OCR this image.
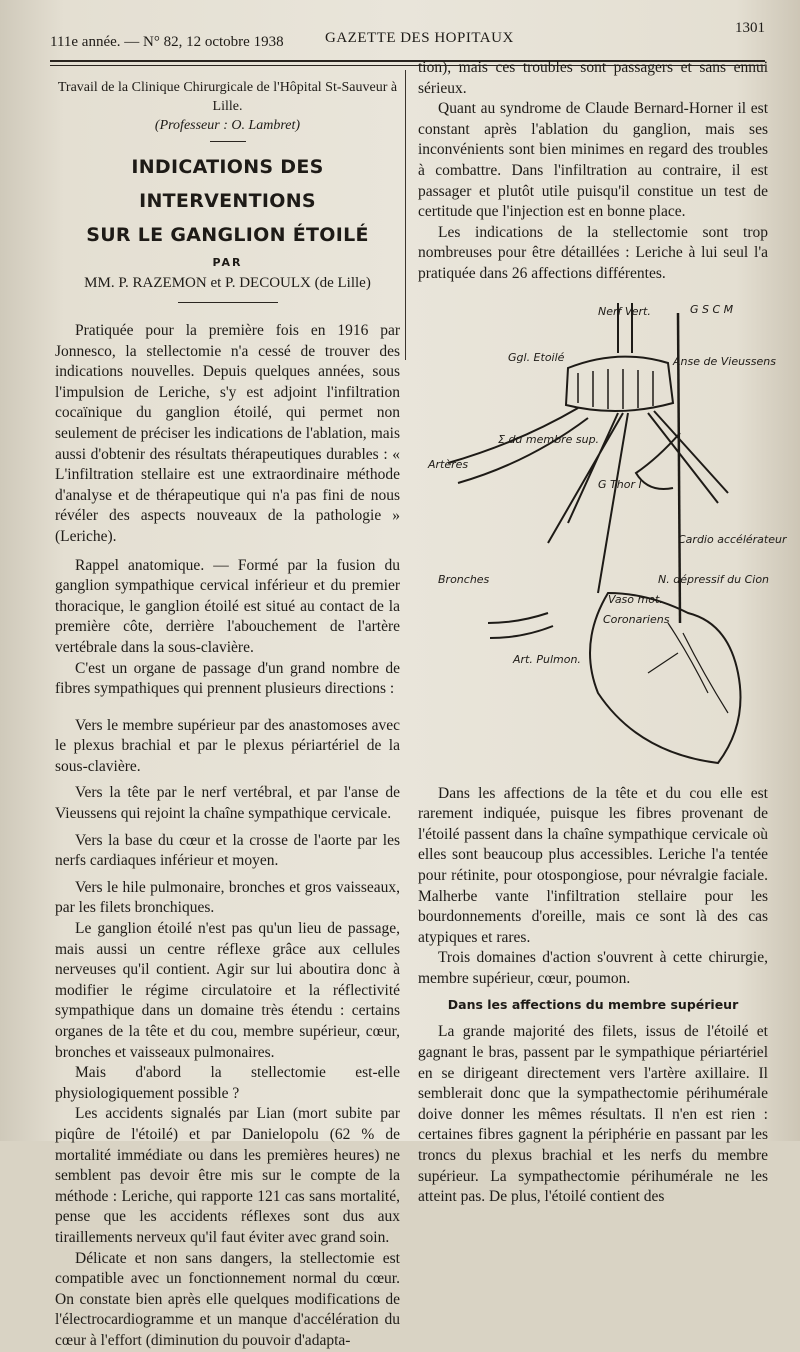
111e année. — N° 82, 12 octobre 1938	GAZETTE DES HOPITAUX
1301

Travail de la Clinique Chirurgicale de l'Hôpital St-Sauveur à Lille.

(Professeur : O. Lambret)

INDICATIONS DES INTERVENTIONS
SUR LE GANGLION ÉTOILÉ
PAR
MM. P. RAZEMON et P. DECOULX (de Lille)

Pratiquée pour la première fois en 1916 par Jonnesco, la stellectomie n'a cessé de trouver des indications nouvelles. Depuis quelques années, sous l'impulsion de Leriche, s'y est adjoint l'infiltration cocaïnique du ganglion étoilé, qui permet non seulement de préciser les indications de l'ablation, mais aussi d'obtenir des résultats thérapeutiques durables : « L'infiltration stellaire est une extraordinaire méthode d'analyse et de thérapeutique qui n'a pas fini de nous révéler des aspects nouveaux de la pathologie » (Leriche).

Rappel anatomique. — Formé par la fusion du ganglion sympathique cervical inférieur et du premier thoracique, le ganglion étoilé est situé au contact de la première côte, derrière l'abouchement de l'artère vertébrale dans la sous-clavière.

C'est un organe de passage d'un grand nombre de fibres sympathiques qui prennent plusieurs directions :

Vers le membre supérieur par des anastomoses avec le plexus brachial et par le plexus périartériel de la sous-clavière.

Vers la tête par le nerf vertébral, et par l'anse de Vieussens qui rejoint la chaîne sympathique cervicale.

Vers la base du cœur et la crosse de l'aorte par les nerfs cardiaques inférieur et moyen.

Vers le hile pulmonaire, bronches et gros vaisseaux, par les filets bronchiques.

Le ganglion étoilé n'est pas qu'un lieu de passage, mais aussi un centre réflexe grâce aux cellules nerveuses qu'il contient. Agir sur lui aboutira donc à modifier le régime circulatoire et la réflectivité sympathique dans un domaine très étendu : certains organes de la tête et du cou, membre supérieur, cœur, bronches et vaisseaux pulmonaires.

Mais d'abord la stellectomie est-elle physiologiquement possible ?

Les accidents signalés par Lian (mort subite par piqûre de l'étoilé) et par Danielopolu (62 % de mortalité immédiate ou dans les premières heures) ne semblent pas devoir être mis sur le compte de la méthode : Leriche, qui rapporte 121 cas sans mortalité, pense que les accidents réflexes sont dus aux tiraillements nerveux qu'il faut éviter avec grand soin.

Délicate et non sans dangers, la stellectomie est compatible avec un fonctionnement normal du cœur. On constate bien après elle quelques modifications de l'électrocardiogramme et un manque d'accélération du cœur à l'effort (diminution du pouvoir d'adapta-

tion), mais ces troubles sont passagers et sans ennui sérieux.

Quant au syndrome de Claude Bernard-Horner il est constant après l'ablation du ganglion, mais ses inconvénients sont bien minimes en regard des troubles à combattre. Dans l'infiltration au contraire, il est passager et plutôt utile puisqu'il constitue un test de certitude que l'injection est en bonne place.

Les indications de la stellectomie sont trop nombreuses pour être détaillées : Leriche à lui seul l'a pratiquée dans 26 affections différentes.

Nerf Vert.	G S C M
Ggl. Etoilé	Anse de Vieussens
Σ du membre sup.
Artères
G Thor I
Cardio accélérateur
Bronches
Vaso mot.
Coronariens
N. dépressif du Cion
Art. Pulmon.

Dans les affections de la tête et du cou elle est rarement indiquée, puisque les fibres provenant de l'étoilé passent dans la chaîne sympathique cervicale où elles sont beaucoup plus accessibles. Leriche l'a tentée pour rétinite, pour otospongiose, pour névralgie faciale. Malherbe vante l'infiltration stellaire pour les bourdonnements d'oreille, mais ce sont là des cas atypiques et rares.

Trois domaines d'action s'ouvrent à cette chirurgie, membre supérieur, cœur, poumon.

Dans les affections du membre supérieur

La grande majorité des filets, issus de l'étoilé et gagnant le bras, passent par le sympathique périartériel en se dirigeant directement vers l'artère axillaire. Il semblerait donc que la sympathectomie périhumérale doive donner les mêmes résultats. Il n'en est rien : certaines fibres gagnent la périphérie en passant par les troncs du plexus brachial et les nerfs du membre supérieur. La sympathectomie périhumérale ne les atteint pas. De plus, l'étoilé contient des
